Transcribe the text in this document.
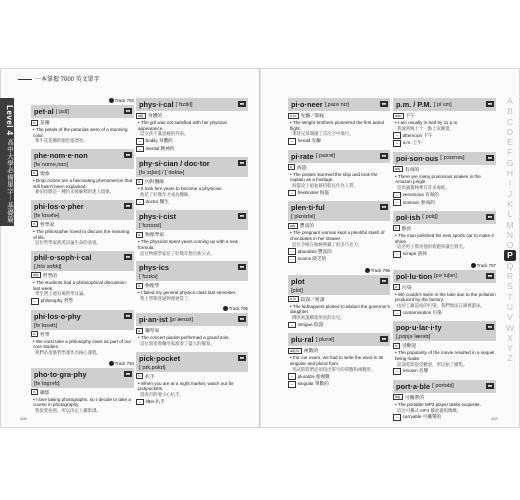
一本掌握 7000 英文單字
Level 4
高中大學必備單字－基礎篇
Track 793
pet·al [ˈpɛtḷ]	■■
n. 花瓣
• The petals of the petunias were of a stunning color.
牽牛花花瓣的顏色很漂亮。
phe·nom·e·non	■■
[fəˈnɑmə,nɑn]
n. 現象
• Drop circles are a fascinating phenomenon that still hasn't been explained.
麥田怪圈是一種仍未被解釋的迷人現象。
phi·los·o·pher	■■
[fəˈlɑsəfɚ]
n. 哲學家
• The philosopher loved to discuss the meaning of life.
這位哲學家熱愛討論生命的意義。
phil·o·soph·i·cal	■■
[,fɪləˈsɑfɪkḷ]
adj. 哲學的
• The students had a philosophical discussion last week.
學生們上週有場哲學討論。
↔ philosophy 哲學
phi·los·o·phy	■■
[fəˈlɑsəfɪ]
n. 哲學
• We must take a philosophy class as part of our core studies.
我們必須修哲學課作為核心課程。
Track 794
pho·to·gra·phy	■■
[fəˈtɑgrəfɪ]
n. 攝影
• I love taking photographs, so I decide to take a course in photography.
我很愛拍照，所以決定上攝影課。
phys·i·cal [ˈfɪzɪkḷ]	■■
adj. 身體的
• The girl was not satisfied with her physical appearance.
這女孩不滿意她的外表。
↔ bodily 身體的
↔ mental 精神的
phy·si·cian / doc·tor	■■
[fəˈzɪʃən] / [ˈdɑktɚ]
n. 內科醫師
• It took him years to become a physician.
他花了好幾年才成為醫師。
↔ doctor 醫生
phys·i·cist	■■
[ˈfɪzɪsɪst]
n. 物理學家
• The physicist spent years coming up with a new formula.
這位物理學家花了好幾年想出新公式。
phys·ics	■■
[ˈfɪzɪks]
n. 物理學
• I failed my general physics class last semester.
我上學期普通物理被當了。
Track 795
pi·an·ist [piˈænɪst]	■■
n. 鋼琴家
• The concert pianist performed a grand solo.
這位演奏會鋼琴家演奏了盛大的獨奏。
pick·pocket	■■
[ˈpɪk,pɑkɪt]
n. 扒手
• When you are at a night market, watch out for pickpockets.
逛夜市時要小心扒手。
↔ lifter 扒手
pi·o·neer [,paɪəˈnɪr]	■■
n./v. 先驅／開拓
• The Wright brothers pioneered the first aerial flight.
萊特兄弟開創了首次空中飛行。
↔ herald 先驅
pi·rate [ˈpaɪrət]	■■
n. 海盜
• The pirates stormed the ship and took the captain as a hostage.
海盜攻上船並挾持船長作為人質。
↔ freebooter 海盜
plen·ti·ful	■■
[ˈplɛntɪfəl]
adj. 豐富的
• The pregnant woman kept a plentiful stash of chocolates in her drawer.
這位孕婦在抽屜裡藏了很多巧克力。
↔ abundant 豐富的
↔ scarce 缺乏的
Track 796
plot	■■
[plɑt]
n./v. 陰謀／密謀
• The kidnappers plotted to abduct the governor's daughter.
綁匪密謀綁架州長的女兒。
↔ intrigue 陰謀
plu·ral [ˈplʊrəl]	■■
adj./n. 複數的
• For our exam, we had to write the word in its singular and plural form.
考試時我們必須寫出單字的單數和複數形。
↔ pluralize 使複數
↔ singular 單數的
p.m. / P.M. [ˈpiˈɛm]	■■
adv. 下午
• I am usually in bed by 11 p.m.
我通常晚上十一點上床睡覺。
↔ afternoon 下午
↔ a.m. 上午
poi·son·ous [ˈpɔɪznəs]	■■
adj. 有毒的
• There are many poisonous snakes in the Amazon jungle.
亞馬遜叢林裡有許多毒蛇。
↔ venomous 有毒的
↔ nontoxic 無毒的
pol·ish [ˈpɑlɪʃ]	■■
v. 擦亮
• The man polished his new sports car to make it shine.
這名男子擦亮他的新跑車讓它發光。
↔ scrape 刮掉
Track 797
pol·lu·tion [pəˈluʃən]	■■
n. 污染
• We couldn't swim in the lake due to the pollution produced by the factory.
由於工廠造成的污染，我們無法在湖裡游泳。
↔ contamination 污染
pop·u·lar·i·ty	■■
[,pɑpjəˈlærətɪ]
n. 受歡迎
• The popularity of the movie resulted in a sequel being made.
這部電影很受歡迎，所以拍了續集。
↔ renown 名聲
port·a·ble [ˈportəbḷ]	■■
adj. 可攜帶的
• The portable MP3 player tasks exquisite.
這台可攜式 MP3 播放器很精緻。
↔ carryable 可攜帶的
A
B
C
D
E
F
G
H
I
J
K
L
M
N
O
P
Q
R
S
T
U
V
W
X
Y
Z
406	407
